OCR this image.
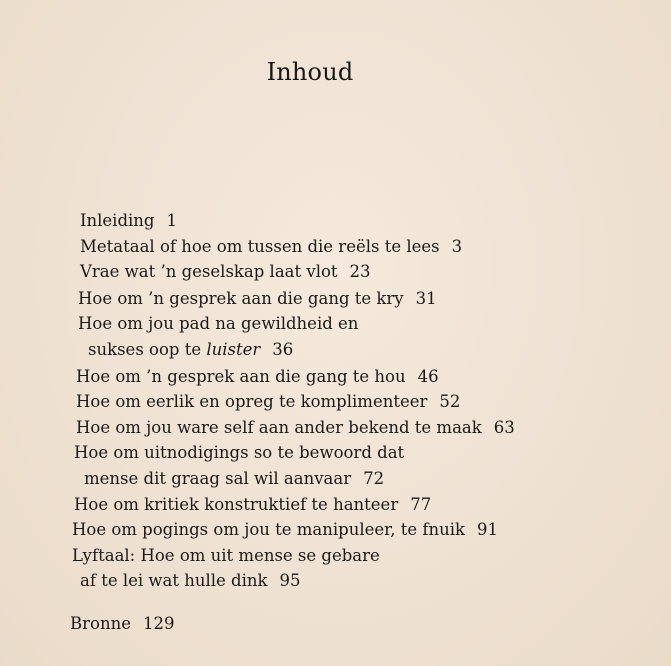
Inhoud
Inleiding 1
Metataal of hoe om tussen die reëls te lees 3
Vrae wat ’n geselskap laat vlot 23
Hoe om ’n gesprek aan die gang te kry 31
Hoe om jou pad na gewildheid en
sukses oop te luister 36
Hoe om ’n gesprek aan die gang te hou 46
Hoe om eerlik en opreg te komplimenteer 52
Hoe om jou ware self aan ander bekend te maak 63
Hoe om uitnodigings so te bewoord dat
mense dit graag sal wil aanvaar 72
Hoe om kritiek konstruktief te hanteer 77
Hoe om pogings om jou te manipuleer, te fnuik 91
Lyftaal: Hoe om uit mense se gebare
af te lei wat hulle dink 95
Bronne 129
